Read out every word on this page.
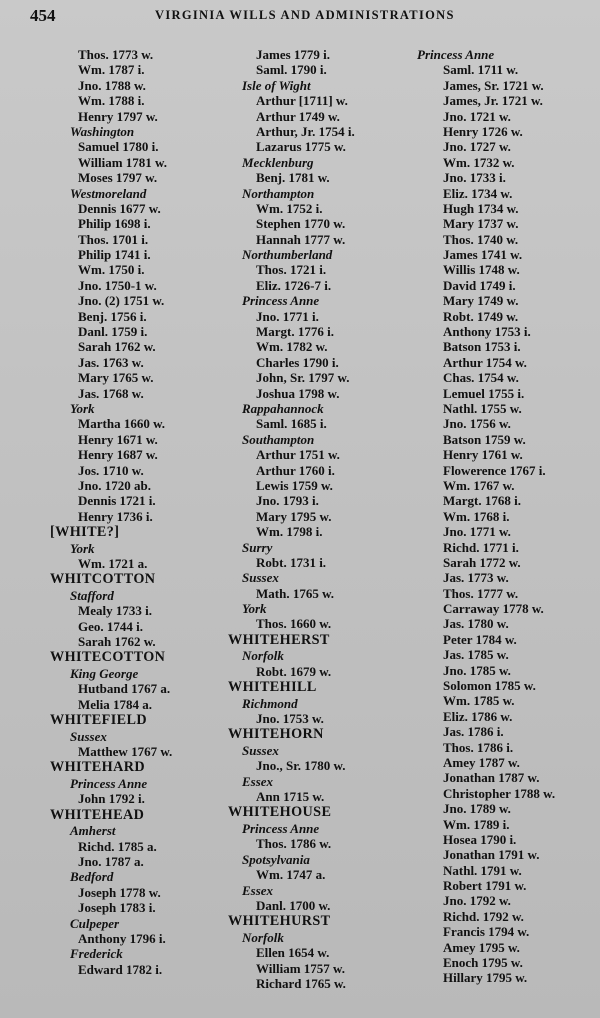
454	VIRGINIA WILLS AND ADMINISTRATIONS
Thos. 1773 w.
Wm. 1787 i.
Jno. 1788 w.
Wm. 1788 i.
Henry 1797 w.
Washington
Samuel 1780 i.
William 1781 w.
Moses 1797 w.
Westmoreland
Dennis 1677 w.
Philip 1698 i.
Thos. 1701 i.
Philip 1741 i.
Wm. 1750 i.
Jno. 1750-1 w.
Jno. (2) 1751 w.
Benj. 1756 i.
Danl. 1759 i.
Sarah 1762 w.
Jas. 1763 w.
Mary 1765 w.
Jas. 1768 w.
York
Martha 1660 w.
Henry 1671 w.
Henry 1687 w.
Jos. 1710 w.
Jno. 1720 ab.
Dennis 1721 i.
Henry 1736 i.
[WHITE?]
York
Wm. 1721 a.
WHITCOTTON
Stafford
Mealy 1733 i.
Geo. 1744 i.
Sarah 1762 w.
WHITECOTTON
King George
Hutband 1767 a.
Melia 1784 a.
WHITEFIELD
Sussex
Matthew 1767 w.
WHITEHARD
Princess Anne
John 1792 i.
WHITEHEAD
Amherst
Richd. 1785 a.
Jno. 1787 a.
Bedford
Joseph 1778 w.
Joseph 1783 i.
Culpeper
Anthony 1796 i.
Frederick
Edward 1782 i.
James 1779 i.
Saml. 1790 i.
Isle of Wight
Arthur [1711] w.
Arthur 1749 w.
Arthur, Jr. 1754 i.
Lazarus 1775 w.
Mecklenburg
Benj. 1781 w.
Northampton
Wm. 1752 i.
Stephen 1770 w.
Hannah 1777 w.
Northumberland
Thos. 1721 i.
Eliz. 1726-7 i.
Princess Anne
Jno. 1771 i.
Margt. 1776 i.
Wm. 1782 w.
Charles 1790 i.
John, Sr. 1797 w.
Joshua 1798 w.
Rappahannock
Saml. 1685 i.
Southampton
Arthur 1751 w.
Arthur 1760 i.
Lewis 1759 w.
Jno. 1793 i.
Mary 1795 w.
Wm. 1798 i.
Surry
Robt. 1731 i.
Sussex
Math. 1765 w.
York
Thos. 1660 w.
WHITEHERST
Norfolk
Robt. 1679 w.
WHITEHILL
Richmond
Jno. 1753 w.
WHITEHORN
Sussex
Jno., Sr. 1780 w.
Essex
Ann 1715 w.
WHITEHOUSE
Princess Anne
Thos. 1786 w.
Spotsylvania
Wm. 1747 a.
Essex
Danl. 1700 w.
WHITEHURST
Norfolk
Ellen 1654 w.
William 1757 w.
Richard 1765 w.
Princess Anne
Saml. 1711 w.
James, Sr. 1721 w.
James, Jr. 1721 w.
Jno. 1721 w.
Henry 1726 w.
Jno. 1727 w.
Wm. 1732 w.
Jno. 1733 i.
Eliz. 1734 w.
Hugh 1734 w.
Mary 1737 w.
Thos. 1740 w.
James 1741 w.
Willis 1748 w.
David 1749 i.
Mary 1749 w.
Robt. 1749 w.
Anthony 1753 i.
Batson 1753 i.
Arthur 1754 w.
Chas. 1754 w.
Lemuel 1755 i.
Nathl. 1755 w.
Jno. 1756 w.
Batson 1759 w.
Henry 1761 w.
Flowerence 1767 i.
Wm. 1767 w.
Margt. 1768 i.
Wm. 1768 i.
Jno. 1771 w.
Richd. 1771 i.
Sarah 1772 w.
Jas. 1773 w.
Thos. 1777 w.
Carraway 1778 w.
Jas. 1780 w.
Peter 1784 w.
Jas. 1785 w.
Jno. 1785 w.
Solomon 1785 w.
Wm. 1785 w.
Eliz. 1786 w.
Jas. 1786 i.
Thos. 1786 i.
Amey 1787 w.
Jonathan 1787 w.
Christopher 1788 w.
Jno. 1789 w.
Wm. 1789 i.
Hosea 1790 i.
Jonathan 1791 w.
Nathl. 1791 w.
Robert 1791 w.
Jno. 1792 w.
Richd. 1792 w.
Francis 1794 w.
Amey 1795 w.
Enoch 1795 w.
Hillary 1795 w.
